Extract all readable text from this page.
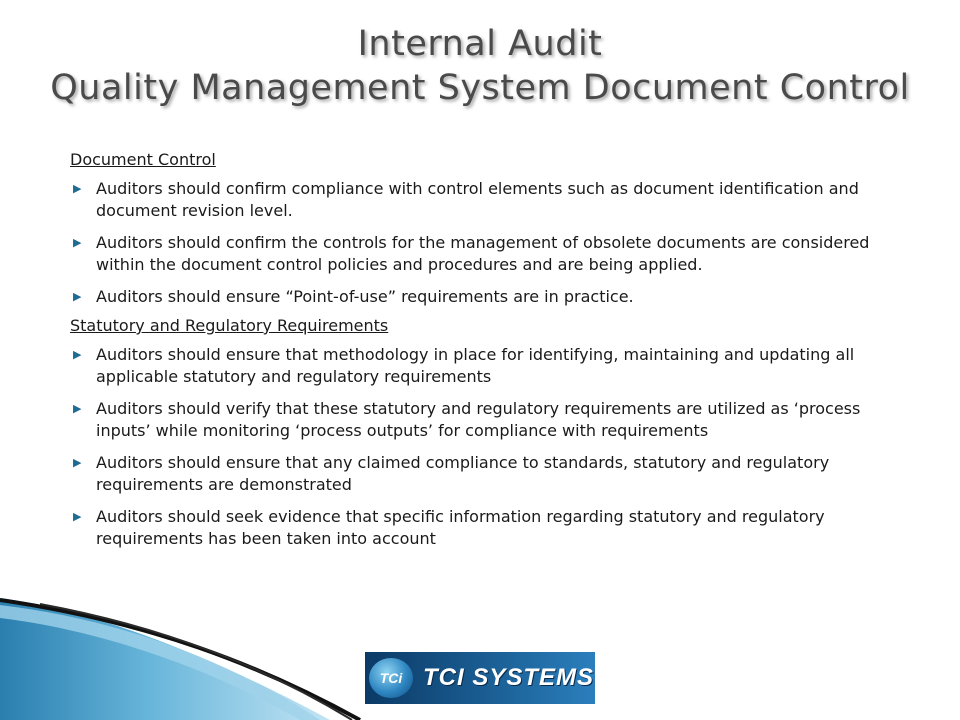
Internal Audit
Quality Management System Document Control
Document Control
▶ Auditors should confirm compliance with control elements such as document identification and document revision level.
▶ Auditors should confirm the controls for the management of obsolete documents are considered within the document control policies and procedures and are being applied.
▶ Auditors should ensure “Point-of-use” requirements are in practice.
Statutory and Regulatory Requirements
▶ Auditors should ensure that methodology in place for identifying, maintaining and updating all applicable statutory and regulatory requirements
▶ Auditors should verify that these statutory and regulatory requirements are utilized as ‘process inputs’ while monitoring ‘process outputs’ for compliance with requirements
▶ Auditors should ensure that any claimed compliance to standards, statutory and regulatory requirements are demonstrated
▶ Auditors should seek evidence that specific information regarding statutory and regulatory requirements has been taken into account
TCi TCI SYSTEMS
